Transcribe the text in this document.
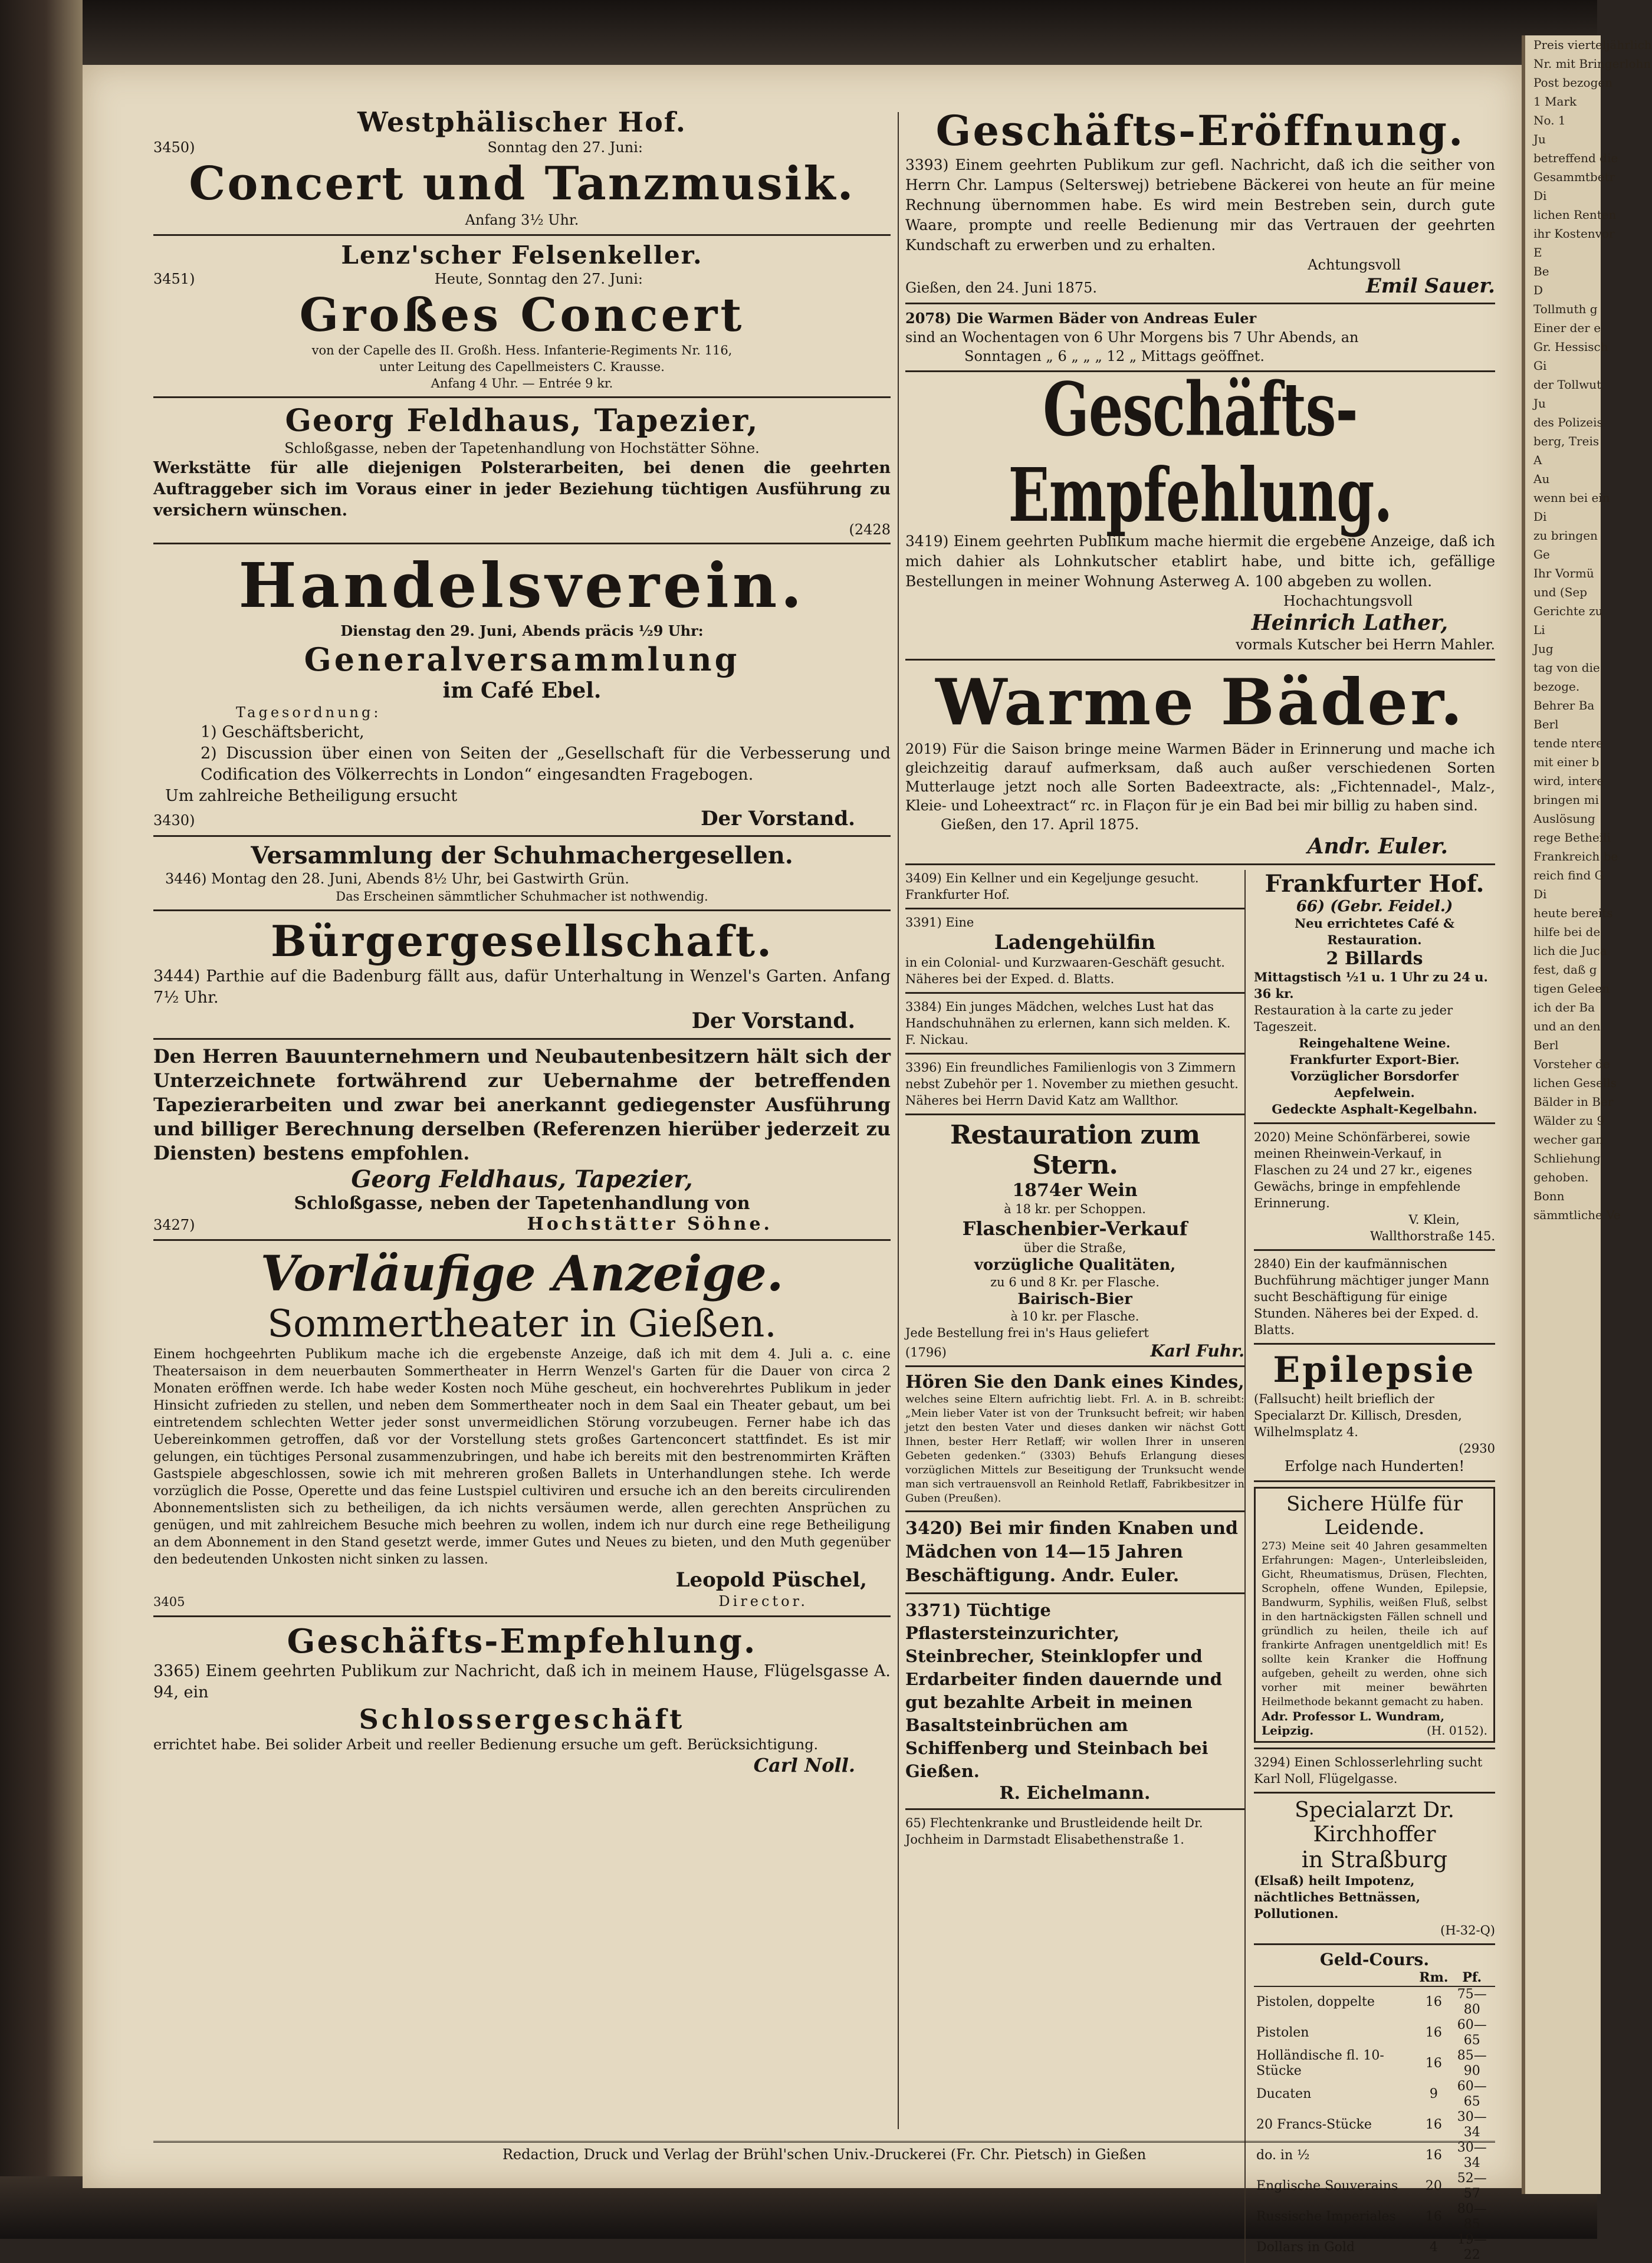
Westphälischer Hof.
3450)	Sonntag den 27. Juni:
Concert und Tanzmusik.
Anfang 3½ Uhr.
Lenz'scher Felsenkeller.
3451)	Heute, Sonntag den 27. Juni:
Großes Concert
von der Capelle des II. Großh. Hess. Infanterie-Regiments Nr. 116,
unter Leitung des Capellmeisters C. Krausse.
Anfang 4 Uhr. — Entrée 9 kr.
Georg Feldhaus, Tapezier,
Schloßgasse, neben der Tapetenhandlung von Hochstätter Söhne.
Werkstätte für alle diejenigen Polsterarbeiten, bei denen die geehrten Auftraggeber sich im Voraus einer in jeder Beziehung tüchtigen Ausführung zu versichern wünschen.
(2428
Handelsverein.
Dienstag den 29. Juni, Abends präcis ½9 Uhr:
Generalversammlung
im Café Ebel.
Tagesordnung:
1) Geschäftsbericht,
2) Discussion über einen von Seiten der „Gesellschaft für die Verbesserung und Codification des Völkerrechts in London“ eingesandten Fragebogen.
Um zahlreiche Betheiligung ersucht
3430)	Der Vorstand.
Versammlung der Schuhmachergesellen.
3446) Montag den 28. Juni, Abends 8½ Uhr, bei Gastwirth Grün.
Das Erscheinen sämmtlicher Schuhmacher ist nothwendig.
Bürgergesellschaft.
3444) Parthie auf die Badenburg fällt aus, dafür Unterhaltung in Wenzel's Garten. Anfang 7½ Uhr.
Der Vorstand.
Den Herren Bauunternehmern und Neubautenbesitzern hält sich der Unterzeichnete fortwährend zur Uebernahme der betreffenden Tapezierarbeiten und zwar bei anerkannt gediegenster Ausführung und billiger Berechnung derselben (Referenzen hierüber jederzeit zu Diensten) bestens empfohlen.
Georg Feldhaus, Tapezier,
Schloßgasse, neben der Tapetenhandlung von
3427)	Hochstätter Söhne.
Vorläufige Anzeige.
Sommertheater in Gießen.
Einem hochgeehrten Publikum mache ich die ergebenste Anzeige, daß ich mit dem 4. Juli a. c. eine Theatersaison in dem neuerbauten Sommertheater in Herrn Wenzel's Garten für die Dauer von circa 2 Monaten eröffnen werde. Ich habe weder Kosten noch Mühe gescheut, ein hochverehrtes Publikum in jeder Hinsicht zufrieden zu stellen, und neben dem Sommertheater noch in dem Saal ein Theater gebaut, um bei eintretendem schlechten Wetter jeder sonst unvermeidlichen Störung vorzubeugen. Ferner habe ich das Uebereinkommen getroffen, daß vor der Vorstellung stets großes Gartenconcert stattfindet. Es ist mir gelungen, ein tüchtiges Personal zusammenzubringen, und habe ich bereits mit den bestrenommirten Kräften Gastspiele abgeschlossen, sowie ich mit mehreren großen Ballets in Unterhandlungen stehe. Ich werde vorzüglich die Posse, Operette und das feine Lustspiel cultiviren und ersuche ich an den bereits circulirenden Abonnementslisten sich zu betheiligen, da ich nichts versäumen werde, allen gerechten Ansprüchen zu genügen, und mit zahlreichem Besuche mich beehren zu wollen, indem ich nur durch eine rege Betheiligung an dem Abonnement in den Stand gesetzt werde, immer Gutes und Neues zu bieten, und den Muth gegenüber den bedeutenden Unkosten nicht sinken zu lassen.
Leopold Püschel,
3405	Director.
Geschäfts-Empfehlung.
3365) Einem geehrten Publikum zur Nachricht, daß ich in meinem Hause, Flügelsgasse A. 94, ein
Schlossergeschäft
errichtet habe. Bei solider Arbeit und reeller Bedienung ersuche um geft. Berücksichtigung.
Carl Noll.
Geschäfts-Eröffnung.
3393) Einem geehrten Publikum zur gefl. Nachricht, daß ich die seither von Herrn Chr. Lampus (Selterswej) betriebene Bäckerei von heute an für meine Rechnung übernommen habe. Es wird mein Bestreben sein, durch gute Waare, prompte und reelle Bedienung mir das Vertrauen der geehrten Kundschaft zu erwerben und zu erhalten.
Achtungsvoll
Gießen, den 24. Juni 1875.	Emil Sauer.
2078) Die Warmen Bäder von Andreas Euler
sind an Wochentagen von 6 Uhr Morgens bis 7 Uhr Abends, an
Sonntagen „ 6 „ „ „ 12 „ Mittags geöffnet.
Geschäfts-Empfehlung.
3419) Einem geehrten Publikum mache hiermit die ergebene Anzeige, daß ich mich dahier als Lohnkutscher etablirt habe, und bitte ich, gefällige Bestellungen in meiner Wohnung Asterweg A. 100 abgeben zu wollen.
Hochachtungsvoll
Heinrich Lather,
vormals Kutscher bei Herrn Mahler.
Warme Bäder.
2019) Für die Saison bringe meine Warmen Bäder in Erinnerung und mache ich gleichzeitig darauf aufmerksam, daß auch außer verschiedenen Sorten Mutterlauge jetzt noch alle Sorten Badeextracte, als: „Fichtennadel-, Malz-, Kleie- und Loheextract“ rc. in Flaçon für je ein Bad bei mir billig zu haben sind.
Gießen, den 17. April 1875.
Andr. Euler.
3409) Ein Kellner und ein Kegeljunge gesucht. Frankfurter Hof.
3391) Eine
Ladengehülfin
in ein Colonial- und Kurzwaaren-Geschäft gesucht. Näheres bei der Exped. d. Blatts.
3384) Ein junges Mädchen, welches Lust hat das Handschuhnähen zu erlernen, kann sich melden. K. F. Nickau.
3396) Ein freundliches Familienlogis von 3 Zimmern nebst Zubehör per 1. November zu miethen gesucht. Näheres bei Herrn David Katz am Wallthor.
Restauration zum Stern.
1874er Wein
à 18 kr. per Schoppen.
Flaschenbier-Verkauf
über die Straße,
vorzügliche Qualitäten,
zu 6 und 8 Kr. per Flasche.
Bairisch-Bier
à 10 kr. per Flasche.
Jede Bestellung frei in's Haus geliefert
(1796)	Karl Fuhr.
Hören Sie den Dank eines Kindes,
welches seine Eltern aufrichtig liebt. Frl. A. in B. schreibt: „Mein lieber Vater ist von der Trunksucht befreit; wir haben jetzt den besten Vater und dieses danken wir nächst Gott Ihnen, bester Herr Retlaff; wir wollen Ihrer in unseren Gebeten gedenken.“ (3303) Behufs Erlangung dieses vorzüglichen Mittels zur Beseitigung der Trunksucht wende man sich vertrauensvoll an Reinhold Retlaff, Fabrikbesitzer in Guben (Preußen).
3420) Bei mir finden Knaben und Mädchen von 14—15 Jahren Beschäftigung. Andr. Euler.
3371) Tüchtige Pflastersteinzurichter, Steinbrecher, Steinklopfer und Erdarbeiter finden dauernde und gut bezahlte Arbeit in meinen Basaltsteinbrüchen am Schiffenberg und Steinbach bei Gießen.
R. Eichelmann.
65) Flechtenkranke und Brustleidende heilt Dr. Jochheim in Darmstadt Elisabethenstraße 1.
Frankfurter Hof.
66) (Gebr. Feidel.)
Neu errichtetes Café & Restauration.
2 Billards
Mittagstisch ½1 u. 1 Uhr zu 24 u. 36 kr.
Restauration à la carte zu jeder Tageszeit.
Reingehaltene Weine.
Frankfurter Export-Bier.
Vorzüglicher Borsdorfer Aepfelwein.
Gedeckte Asphalt-Kegelbahn.
2020) Meine Schönfärberei, sowie meinen Rheinwein-Verkauf, in Flaschen zu 24 und 27 kr., eigenes Gewächs, bringe in empfehlende Erinnerung.
V. Klein,
Wallthorstraße 145.
2840) Ein der kaufmännischen Buchführung mächtiger junger Mann sucht Beschäftigung für einige Stunden. Näheres bei der Exped. d. Blatts.
Epilepsie
(Fallsucht) heilt brieflich der Specialarzt Dr. Killisch, Dresden, Wilhelmsplatz 4.
(2930
Erfolge nach Hunderten!
Sichere Hülfe für Leidende.
273) Meine seit 40 Jahren gesammelten Erfahrungen: Magen-, Unterleibsleiden, Gicht, Rheumatismus, Drüsen, Flechten, Scropheln, offene Wunden, Epilepsie, Bandwurm, Syphilis, weißen Fluß, selbst in den hartnäckigsten Fällen schnell und gründlich zu heilen, theile ich auf frankirte Anfragen unentgeldlich mit! Es sollte kein Kranker die Hoffnung aufgeben, geheilt zu werden, ohne sich vorher mit meiner bewährten Heilmethode bekannt gemacht zu haben.
Adr. Professor L. Wundram,
Leipzig.	(H. 0152).
3294) Einen Schlosserlehrling sucht Karl Noll, Flügelgasse.
Specialarzt Dr. Kirchhoffer
in Straßburg
(Elsaß) heilt Impotenz, nächtliches Bettnässen, Pollutionen.
(H-32-Q)
Geld-Cours.
	Rm.	Pf.
Pistolen, doppelte	16	75—80
Pistolen	16	60—65
Holländische fl. 10-Stücke	16	85—90
Ducaten	9	60—65
20 Francs-Stücke	16	30—34
do. in ½	16	30—34
Englische Souverains	20	52—57
Russische Imperiales	16	80—85
Dollars in Gold	4	19—22
Redaction, Druck und Verlag der Brühl'schen Univ.-Druckerei (Fr. Chr. Pietsch) in Gießen
Preis vierteljährlich
Nr. mit Bringerlohn
Post bezogen
1 Mark
No. 1
Ju
betreffend die
Gesammtbetr
Di
lichen Renten
ihr Kostenvor
E
Be
D
Tollmuth g
Einer der e
Gr. Hessisch
Gi
der Tollwut
Ju
des Polizeis
berg, Treis
A
Au
wenn bei ein
Di
zu bringen
Ge
Ihr Vormü
und (Sep
Gerichte zu
Li
Jug
tag von die
bezoge.
Behrer Ba
Berl
tende ntere
mit einer b
wird, intere
bringen mi
Auslösung
rege Betheili
Frankreich be
reich find G
Di
heute bereits
hilfe bei de
lich die Juca
fest, daß g
tigen Geleen
ich der Ba
und an den
Berl
Vorsteher de
lichen Gesells
Bälder in Ber
Wälder zu 9
wecher gan
Schliehung
gehoben.
Bonn
sämmtliche Ve
